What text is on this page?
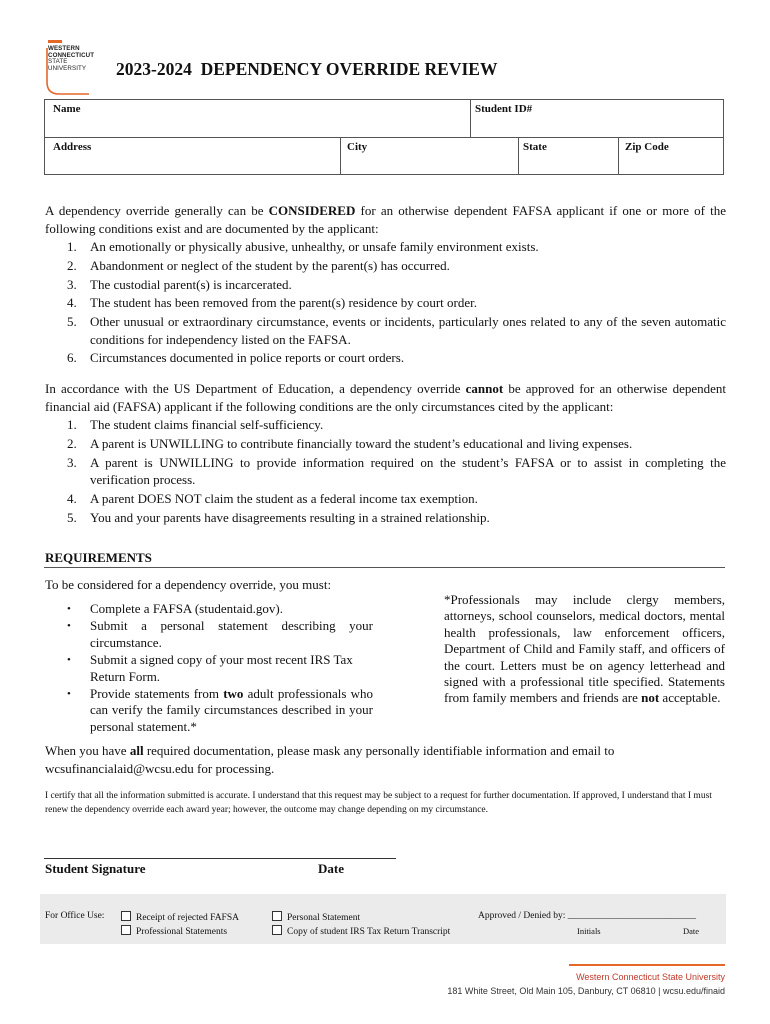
WESTERN
CONNECTICUT
STATE
UNIVERSITY 2023-2024  DEPENDENCY OVERRIDE REVIEW
Name	Student ID#
Address	City	State	Zip Code
A dependency override generally can be CONSIDERED for an otherwise dependent FAFSA applicant if one or more of the following conditions exist and are documented by the applicant:
1. An emotionally or physically abusive, unhealthy, or unsafe family environment exists.
2. Abandonment or neglect of the student by the parent(s) has occurred.
3. The custodial parent(s) is incarcerated.
4. The student has been removed from the parent(s) residence by court order.
5. Other unusual or extraordinary circumstance, events or incidents, particularly ones related to any of the seven automatic conditions for independency listed on the FAFSA.
6. Circumstances documented in police reports or court orders.
In accordance with the US Department of Education, a dependency override cannot be approved for an otherwise dependent financial aid (FAFSA) applicant if the following conditions are the only circumstances cited by the applicant:
1. The student claims financial self-sufficiency.
2. A parent is UNWILLING to contribute financially toward the student’s educational and living expenses.
3. A parent is UNWILLING to provide information required on the student’s FAFSA or to assist in completing the verification process.
4. A parent DOES NOT claim the student as a federal income tax exemption.
5. You and your parents have disagreements resulting in a strained relationship.
REQUIREMENTS
To be considered for a dependency override, you must:
• Complete a FAFSA (studentaid.gov).
• Submit a personal statement describing your circumstance.
• Submit a signed copy of your most recent IRS Tax Return Form.
• Provide statements from two adult professionals who can verify the family circumstances described in your personal statement.*
*Professionals may include clergy members, attorneys, school counselors, medical doctors, mental health professionals, law enforcement officers, Department of Child and Family staff, and officers of the court. Letters must be on agency letterhead and signed with a professional title specified. Statements from family members and friends are not acceptable.
When you have all required documentation, please mask any personally identifiable information and email to wcsufinancialaid@wcsu.edu for processing.
I certify that all the information submitted is accurate. I understand that this request may be subject to a request for further documentation. If approved, I understand that I must renew the dependency override each award year; however, the outcome may change depending on my circumstance.
Student Signature	Date
For Office Use:	Receipt of rejected FAFSA
Professional Statements
Personal Statement
Copy of student IRS Tax Return Transcript
Approved / Denied by: ___________________________
Initials	Date
Western Connecticut State University
181 White Street, Old Main 105, Danbury, CT 06810 | wcsu.edu/finaid
